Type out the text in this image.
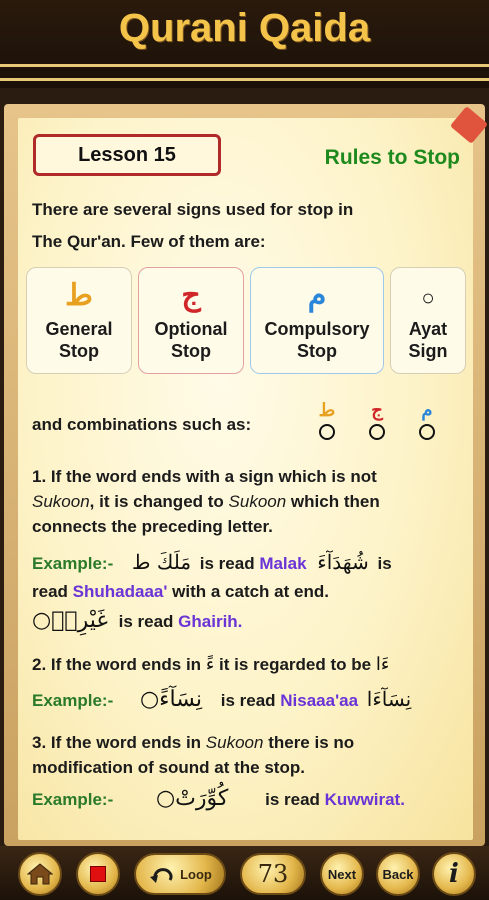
Qurani Qaida
Lesson 15	Rules to Stop
There are several signs used for stop in
The Qur'an. Few of them are:
ط
General
Stop
ج
Optional
Stop
م
Compulsory
Stop
○
Ayat
Sign
and combinations such as:
ط ج	م
1. If the word ends with a sign which is not
Sukoon, it is changed to Sukoon which then
connects the preceding letter.
Example:- مَلَكَ ط is read Malak شُهَدَآءَ is
read Shuhadaaa' with a catch at end.
غَيْرِهٖ○ is read Ghairih.
2. If the word ends in ءً it is regarded to be ءَا
Example:- نِسَآءً○ is read Nisaaa'aa نِسَآءَا
3. If the word ends in Sukoon there is no
modification of sound at the stop.
Example:- كُوِّرَتْ○ is read Kuwwirat.
Loop	73	Next	Back	i
